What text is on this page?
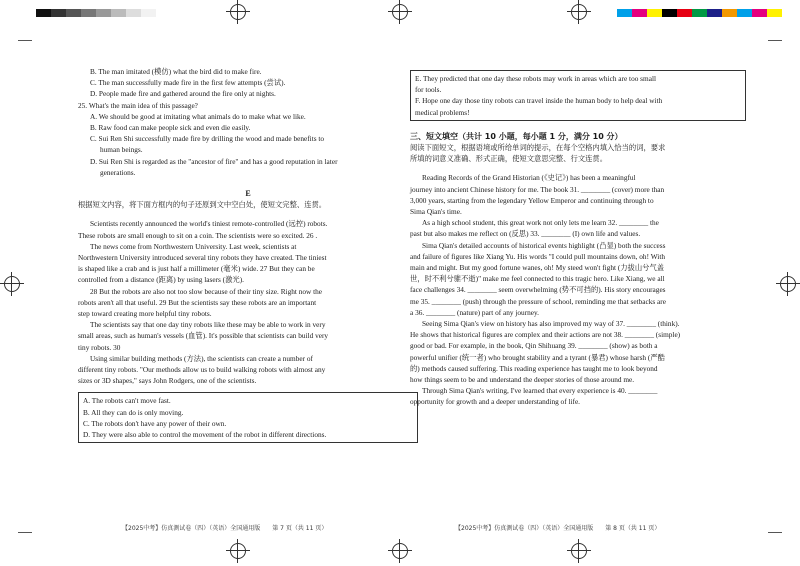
B. The man imitated (模仿) what the bird did to make fire.

C. The man successfully made fire in the first few attempts (尝试).

D. People made fire and gathered around the fire only at nights.

25. What's the main idea of this passage?

A. We should be good at imitating what animals do to make what we like.

B. Raw food can make people sick and even die easily.

C. Sui Ren Shi successfully made fire by drilling the wood and made benefits to

human beings.

D. Sui Ren Shi is regarded as the "ancestor of fire" and has a good reputation in later

generations.

E

根据短文内容，将下面方框内的句子还原到文中空白处，使短文完整、连贯。

Scientists recently announced the world's tiniest remote-controlled (远控) robots.

These robots are small enough to sit on a coin. The scientists were so excited. 26 .

The news come from Northwestern University. Last week, scientists at

Northwestern University introduced several tiny robots they have created. The tiniest

is shaped like a crab and is just half a millimeter (毫米) wide. 27 But they can be

controlled from a distance (距离) by using lasers (激光).

28 But the robots are also not too slow because of their tiny size. Right now the

robots aren't all that useful. 29 But the scientists say these robots are an important

step toward creating more helpful tiny robots.

The scientists say that one day tiny robots like these may be able to work in very

small areas, such as human's vessels (血管). It's possible that scientists can build very

tiny robots. 30

Using similar building methods (方法), the scientists can create a number of

different tiny robots. "Our methods allow us to build walking robots with almost any

sizes or 3D shapes," says John Rodgers, one of the scientists.

A. The robots can't move fast.

B. All they can do is only moving.

C. The robots don't have any power of their own.

D. They were also able to control the movement of the robot in different directions.

E. They predicted that one day these robots may work in areas which are too small

for tools.

F. Hope one day those tiny robots can travel inside the human body to help deal with

medical problems!

三、短文填空（共计 10 小题，每小题 1 分，满分 10 分）

阅读下面短文，根据语境或所给单词的提示，在每个空格内填入恰当的词，要求

所填的词意义准确、形式正确，使短文意思完整、行文连贯。

Reading Records of the Grand Historian (《史记》) has been a meaningful

journey into ancient Chinese history for me. The book 31. ________ (cover) more than

3,000 years, starting from the legendary Yellow Emperor and continuing through to

Sima Qian's time.

As a high school student, this great work not only lets me learn 32. ________ the

past but also makes me reflect on (反思) 33. ________ (I) own life and values.

Sima Qian's detailed accounts of historical events highlight (凸显) both the success

and failure of figures like Xiang Yu. His words "I could pull mountains down, oh! With

main and might. But my good fortune wanes, oh! My steed won't fight (力拔山兮气盖

世，时不利兮骓不逝)" make me feel connected to this tragic hero. Like Xiang, we all

face challenges 34. ________ seem overwhelming (势不可挡的). His story encourages

me 35. ________ (push) through the pressure of school, reminding me that setbacks are

a 36. ________ (nature) part of any journey.

Seeing Sima Qian's view on history has also improved my way of 37. ________ (think).

He shows that historical figures are complex and their actions are not 38. ________ (simple)

good or bad. For example, in the book, Qin Shihuang 39. ________ (show) as both a

powerful unifier (统一者) who brought stability and a tyrant (暴君) whose harsh (严酷

的) methods caused suffering. This reading experience has taught me to look beyond

how things seem to be and understand the deeper stories of those around me.

Through Sima Qian's writing, I've learned that every experience is 40. ________

opportunity for growth and a deeper understanding of life.

【2025中考】仿真测试卷（四）（英语）全国通用版　　第 7 页（共 11 页）	【2025中考】仿真测试卷（四）（英语）全国通用版　　第 8 页（共 11 页）
